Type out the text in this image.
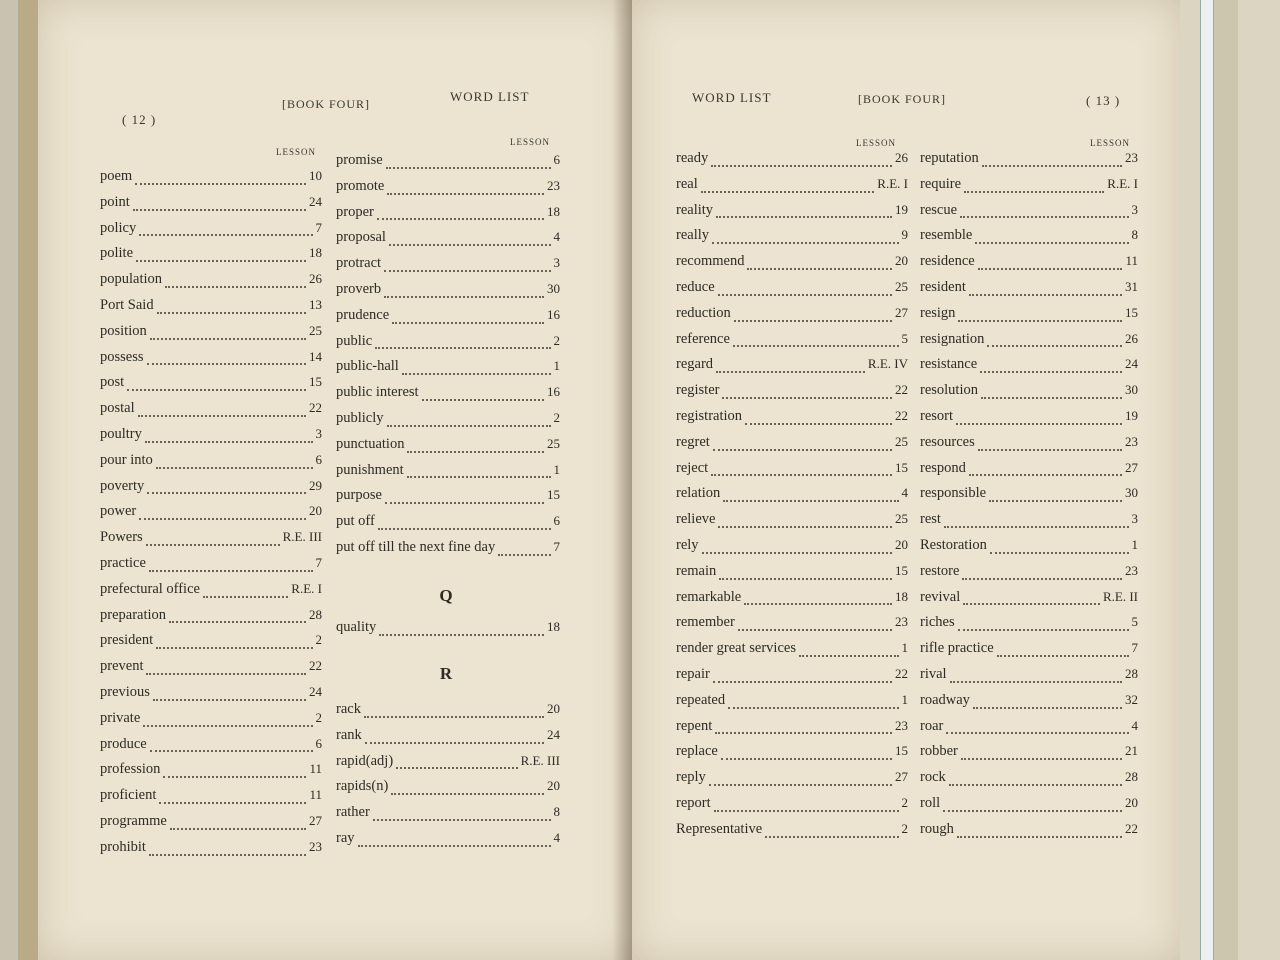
( 12 )
[BOOK FOUR]	WORD LIST
LESSON
LESSON
poem	10
point	24
policy	7
polite	18
population	26
Port Said	13
position	25
possess	14
post	15
postal	22
poultry	3
pour into	6
poverty	29
power	20
Powers	R.E. III
practice	7
prefectural office	R.E. I
preparation	28
president	2
prevent	22
previous	24
private	2
produce	6
profession	11
proficient	11
programme	27
prohibit	23
promise	6
promote	23
proper	18
proposal	4
protract	3
proverb	30
prudence	16
public	2
public-hall	1
public interest	16
publicly	2
punctuation	25
punishment	1
purpose	15
put off	6
put off till the next fine day	7
Q
quality	18
R
rack	20
rank	24
rapid(adj)	R.E. III
rapids(n)	20
rather	8
ray	4
WORD LIST	[BOOK FOUR]	( 13 )
LESSON	LESSON
ready	26
real	R.E. I
reality	19
really	9
recommend	20
reduce	25
reduction	27
reference	5
regard	R.E. IV
register	22
registration	22
regret	25
reject	15
relation	4
relieve	25
rely	20
remain	15
remarkable	18
remember	23
render great services	1
repair	22
repeated	1
repent	23
replace	15
reply	27
report	2
Representative	2
reputation	23
require	R.E. I
rescue	3
resemble	8
residence	11
resident	31
resign	15
resignation	26
resistance	24
resolution	30
resort	19
resources	23
respond	27
responsible	30
rest	3
Restoration	1
restore	23
revival	R.E. II
riches	5
rifle practice	7
rival	28
roadway	32
roar	4
robber	21
rock	28
roll	20
rough	22
